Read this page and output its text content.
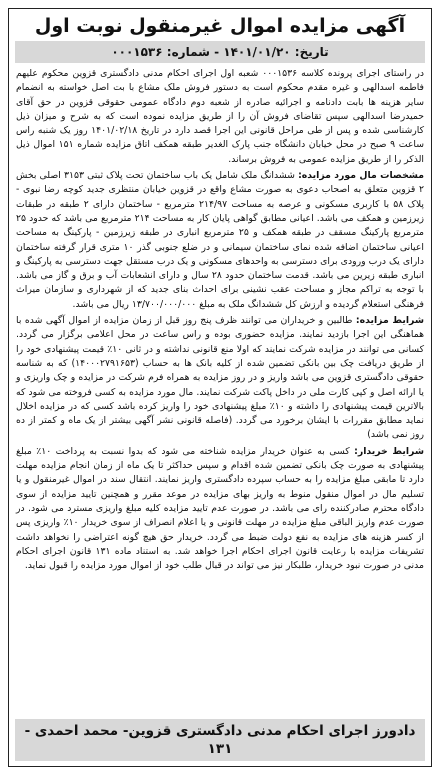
آگهی مزایده اموال غیرمنقول نوبت اول
تاریخ: ۱۴۰۱/۰۱/۲۰ - شماره: ۰۰۰۱۵۳۶

در راستای اجرای پرونده کلاسه ۰۰۰۱۵۳۶ شعبه اول اجرای احکام مدنی دادگستری قزوین محکوم علیهم فاطمه اسدالهی و غیره مقدم محکوم است به دستور فروش ملک مشاع با بت اصل خواسته به انضمام سایر هزینه ها بابت دادنامه و اجرائیه صادره از شعبه دوم دادگاه عمومی حقوقی قزوین در حق آقای حمیدرضا اسدالهی سپس تقاضای فروش آن را از طریق مزایده نموده است که به شرح و میزان ذیل کارشناسی شده و پس از طی مراحل قانونی این اجرا قصد دارد در تاریخ ۱۴۰۱/۰۲/۱۸ روز یک شنبه راس ساعت ۹ صبح در محل خیابان دانشگاه جنب پارک الغدیر طبقه همکف اتاق مزایده شماره ۱۵۱ اموال ذیل الذکر را از طریق مزایده عمومی به فروش برساند.

مشخصات مال مورد مزایده: ششدانگ ملک شامل یک باب ساختمان تحت پلاک ثبتی ۳۱۵۳ اصلی بخش ۲ قزوین متعلق به اصحاب دعوی به صورت مشاع واقع در قزوین خیابان منتظری جدید کوچه رضا نبوی - پلاک ۵۸ با کاربری مسکونی و عرصه به مساحت ۲۱۴/۹۷ مترمربع - ساختمان دارای ۲ طبقه در طبقات زیرزمین و همکف می باشد. اعیانی مطابق گواهی پایان کار به مساحت ۲۱۴ مترمربع می باشد که حدود ۲۵ مترمربع پارکینگ مسقف در طبقه همکف و ۲۵ مترمربع انباری در طبقه زیرزمین - پارکینگ به مساحت اعیانی ساختمان اضافه شده نمای ساختمان سیمانی و در ضلع جنوبی گذر ۱۰ متری قرار گرفته ساختمان دارای یک درب ورودی برای دسترسی به واحدهای مسکونی و یک درب مستقل جهت دسترسی به پارکینگ و انباری طبقه زیرین می باشد. قدمت ساختمان حدود ۲۸ سال و دارای انشعابات آب و برق و گاز می باشد. با توجه به تراکم مجاز و مساحت عقب نشینی برای احداث بنای جدید که از شهرداری و سازمان میراث فرهنگی استعلام گردیده و ارزش کل ششدانگ ملک به مبلغ ۱۳/۷۰۰/۰۰۰/۰۰۰ ریال می باشد.

شرایط مزایده: طالبین و خریداران می توانند ظرف پنج روز قبل از زمان مزایده از اموال آگهی شده با هماهنگی این اجرا بازدید نمایند. مزایده حضوری بوده و راس ساعت در محل اعلامی برگزار می گردد. کسانی می توانند در مزایده شرکت نمایند که اولا منع قانونی نداشته و در ثانی ۱۰٪ قیمت پیشنهادی خود را از طریق دریافت چک بین بانکی تضمین شده از کلیه بانک ها به حساب (۱۴۰۰۰۲۷۹۱۶۵۳) که به شناسه حقوقی دادگستری قزوین می باشد واریز و در روز مزایده به همراه فرم شرکت در مزایده و چک واریزی و یا ارائه اصل و کپی کارت ملی در داخل پاکت شرکت نمایند. مال مورد مزایده به کسی فروخته می شود که بالاترین قیمت پیشنهادی را داشته و ۱۰٪ مبلغ پیشنهادی خود را واریز کرده باشد کسی که در مزایده اخلال نماید مطابق مقررات با ایشان برخورد می گردد. (فاصله قانونی نشر آگهی بیشتر از یک ماه و کمتر از ده روز نمی باشد)

شرایط خریدار: کسی به عنوان خریدار مزایده شناخته می شود که بدوا نسبت به پرداخت ۱۰٪ مبلغ پیشنهادی به صورت چک بانکی تضمین شده اقدام و سپس حداکثر تا یک ماه از زمان انجام مزایده مهلت دارد تا مابقی مبلغ مزایده را به حساب سپرده دادگستری واریز نمایند. انتقال سند در اموال غیرمنقول و یا تسلیم مال در اموال منقول منوط به واریز بهای مزایده در موعد مقرر و همچنین تایید مزایده از سوی دادگاه محترم صادرکننده رای می باشد. در صورت عدم تایید مزایده کلیه مبلغ واریزی مسترد می شود. در صورت عدم واریز الباقی مبلغ مزایده در مهلت قانونی و یا اعلام انصراف از سوی خریدار ۱۰٪ واریزی پس از کسر هزینه های مزایده به نفع دولت ضبط می گردد. خریدار حق هیچ گونه اعتراضی را نخواهد داشت تشریفات مزایده با رعایت قانون اجرای احکام اجرا خواهد شد. به استناد ماده ۱۳۱ قانون اجرای احکام مدنی در صورت نبود خریدار، طلبکار نیز می تواند در قبال طلب خود از اموال مورد مزایده را قبول نماید.

دادورز اجرای احکام مدنی دادگستری قزوین- محمد احمدی - ۱۳۱
